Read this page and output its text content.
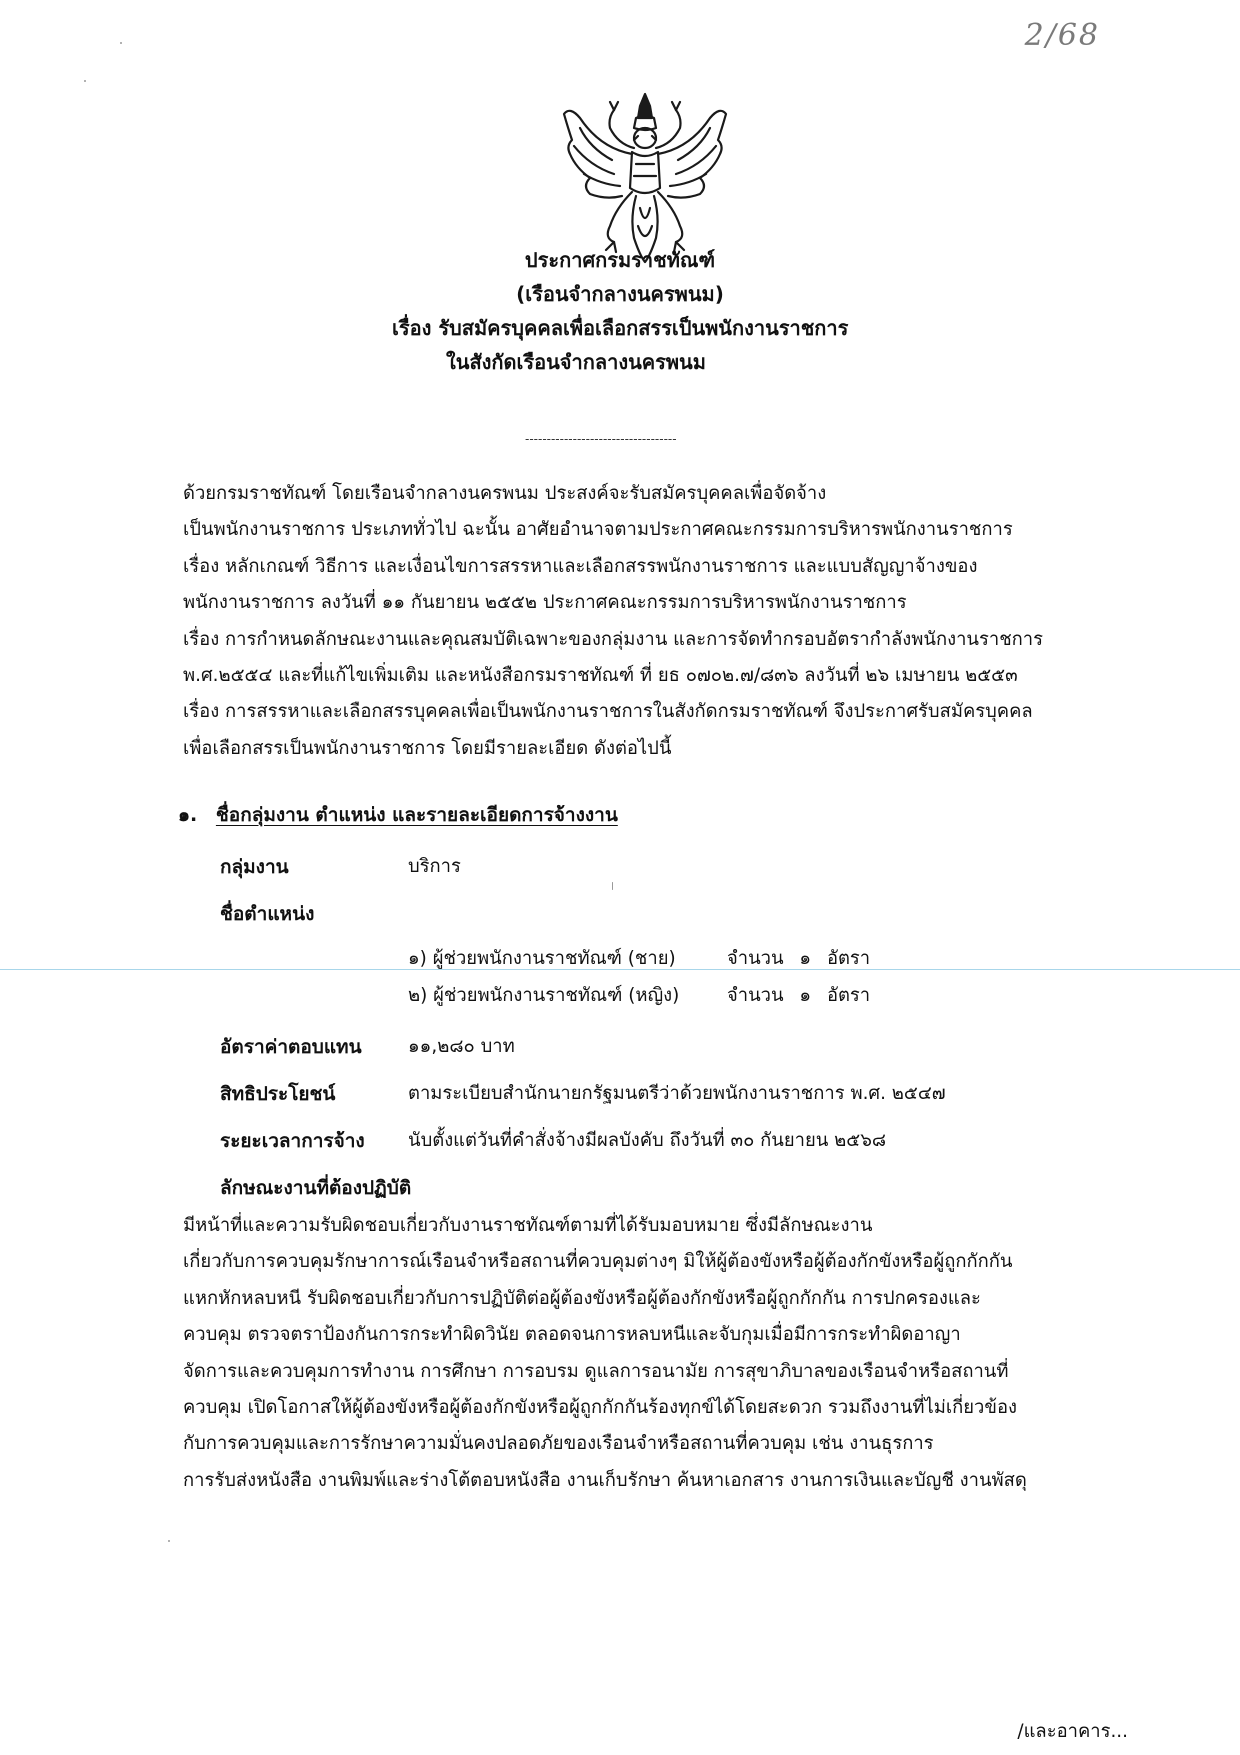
2/68
ประกาศกรมราชทัณฑ์
(เรือนจำกลางนครพนม)
เรื่อง รับสมัครบุคคลเพื่อเลือกสรรเป็นพนักงานราชการ
ในสังกัดเรือนจำกลางนครพนม
-----------------------------------
ด้วยกรมราชทัณฑ์ โดยเรือนจำกลางนครพนม ประสงค์จะรับสมัครบุคคลเพื่อจัดจ้าง
เป็นพนักงานราชการ ประเภททั่วไป ฉะนั้น อาศัยอำนาจตามประกาศคณะกรรมการบริหารพนักงานราชการ
เรื่อง หลักเกณฑ์ วิธีการ และเงื่อนไขการสรรหาและเลือกสรรพนักงานราชการ และแบบสัญญาจ้างของ
พนักงานราชการ ลงวันที่ ๑๑ กันยายน ๒๕๕๒ ประกาศคณะกรรมการบริหารพนักงานราชการ
เรื่อง การกำหนดลักษณะงานและคุณสมบัติเฉพาะของกลุ่มงาน และการจัดทำกรอบอัตรากำลังพนักงานราชการ
พ.ศ.๒๕๕๔ และที่แก้ไขเพิ่มเติม และหนังสือกรมราชทัณฑ์ ที่ ยธ ๐๗๐๒.๗/๘๓๖ ลงวันที่ ๒๖ เมษายน ๒๕๕๓
เรื่อง การสรรหาและเลือกสรรบุคคลเพื่อเป็นพนักงานราชการในสังกัดกรมราชทัณฑ์ จึงประกาศรับสมัครบุคคล
เพื่อเลือกสรรเป็นพนักงานราชการ โดยมีรายละเอียด ดังต่อไปนี้
๑. ชื่อกลุ่มงาน ตำแหน่ง และรายละเอียดการจ้างงาน
กลุ่มงาน	บริการ
ชื่อตำแหน่ง
๑) ผู้ช่วยพนักงานราชทัณฑ์ (ชาย)	จำนวน ๑ อัตรา
๒) ผู้ช่วยพนักงานราชทัณฑ์ (หญิง)	จำนวน ๑ อัตรา
อัตราค่าตอบแทน	๑๑,๒๘๐ บาท
สิทธิประโยชน์	ตามระเบียบสำนักนายกรัฐมนตรีว่าด้วยพนักงานราชการ พ.ศ. ๒๕๔๗
ระยะเวลาการจ้าง นับตั้งแต่วันที่คำสั่งจ้างมีผลบังคับ ถึงวันที่ ๓๐ กันยายน ๒๕๖๘
ลักษณะงานที่ต้องปฏิบัติ
มีหน้าที่และความรับผิดชอบเกี่ยวกับงานราชทัณฑ์ตามที่ได้รับมอบหมาย ซึ่งมีลักษณะงาน
เกี่ยวกับการควบคุมรักษาการณ์เรือนจำหรือสถานที่ควบคุมต่างๆ มิให้ผู้ต้องขังหรือผู้ต้องกักขังหรือผู้ถูกกักกัน
แหกหักหลบหนี รับผิดชอบเกี่ยวกับการปฏิบัติต่อผู้ต้องขังหรือผู้ต้องกักขังหรือผู้ถูกกักกัน การปกครองและ
ควบคุม ตรวจตราป้องกันการกระทำผิดวินัย ตลอดจนการหลบหนีและจับกุมเมื่อมีการกระทำผิดอาญา
จัดการและควบคุมการทำงาน การศึกษา การอบรม ดูแลการอนามัย การสุขาภิบาลของเรือนจำหรือสถานที่
ควบคุม เปิดโอกาสให้ผู้ต้องขังหรือผู้ต้องกักขังหรือผู้ถูกกักกันร้องทุกข์ได้โดยสะดวก รวมถึงงานที่ไม่เกี่ยวข้อง
กับการควบคุมและการรักษาความมั่นคงปลอดภัยของเรือนจำหรือสถานที่ควบคุม เช่น งานธุรการ
การรับส่งหนังสือ งานพิมพ์และร่างโต้ตอบหนังสือ งานเก็บรักษา ค้นหาเอกสาร งานการเงินและบัญชี งานพัสดุ
/และอาคาร...
